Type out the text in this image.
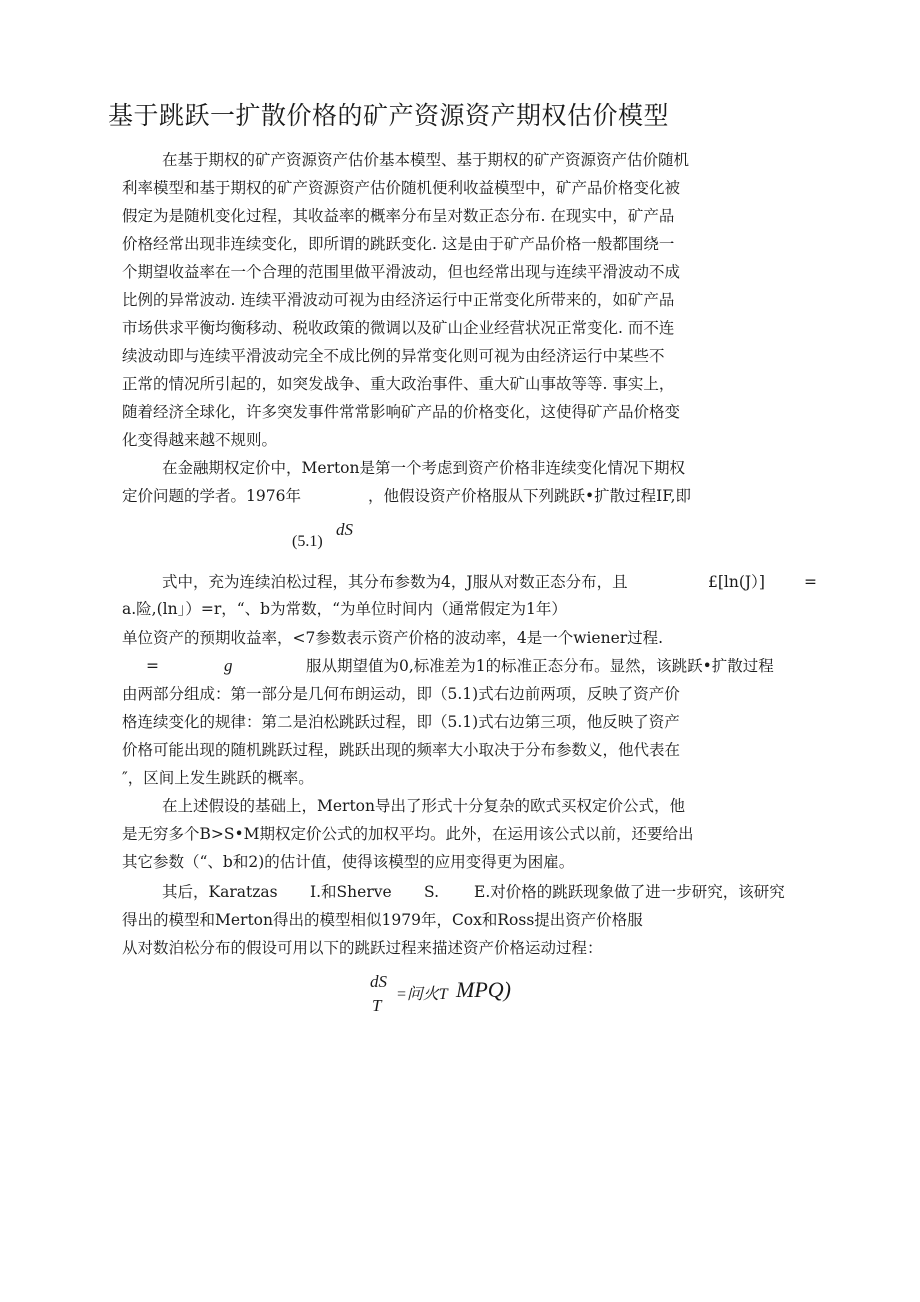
基于跳跃一扩散价格的矿产资源资产期权估价模型
在基于期权的矿产资源资产估价基本模型、基于期权的矿产资源资产估价随机
利率模型和基于期权的矿产资源资产估价随机便利收益模型中，矿产品价格变化被
假定为是随机变化过程，其收益率的概率分布呈对数正态分布. 在现实中，矿产品
价格经常出现非连续变化，即所谓的跳跃变化. 这是由于矿产品价格一般都围绕一
个期望收益率在一个合理的范围里做平滑波动，但也经常出现与连续平滑波动不成
比例的异常波动. 连续平滑波动可视为由经济运行中正常变化所带来的，如矿产品
市场供求平衡均衡移动、税收政策的微调以及矿山企业经营状况正常变化. 而不连
续波动即与连续平滑波动完全不成比例的异常变化则可视为由经济运行中某些不
正常的情况所引起的，如突发战争、重大政治事件、重大矿山事故等等. 事实上，
随着经济全球化，许多突发事件常常影响矿产品的价格变化，这使得矿产品价格变
化变得越来越不规则。
在金融期权定价中，Merton是第一个考虑到资产价格非连续变化情况下期权
定价问题的学者。1976年	，他假设资产价格服从下列跳跃•扩散过程IF,即
(5.1)
dS
式中，充为连续泊松过程，其分布参数为4，J服从对数正态分布，且	£[ln(J）]	=
a.险,(ln」）=r，“、b为常数，“为单位时间内（通常假定为1年）
单位资产的预期收益率，<7参数表示资产价格的波动率，4是一个wiener过程.
=	g	服从期望值为0,标准差为1的标准正态分布。显然，该跳跃•扩散过程
由两部分组成：第一部分是几何布朗运动，即（5.1)式右边前两项，反映了资产价
格连续变化的规律：第二是泊松跳跃过程，即（5.1)式右边第三项，他反映了资产
价格可能出现的随机跳跃过程，跳跃出现的频率大小取决于分布参数义，他代表在
″，区间上发生跳跃的概率。
在上述假设的基础上，Merton导出了形式十分复杂的欧式买权定价公式，他
是无穷多个B>S•M期权定价公式的加权平均。此外，在运用该公式以前，还要给出
其它参数（“、b和2)的估计值，使得该模型的应用变得更为困雇。
其后，Karatzas I.和Sherve S. E.对价格的跳跃现象做了进一步研究，该研究
得出的模型和Merton得出的模型相似1979年，Cox和Ross提出资产价格服
从对数泊松分布的假设可用以下的跳跃过程来描述资产价格运动过程：
dS
T
=问火T MPQ)
